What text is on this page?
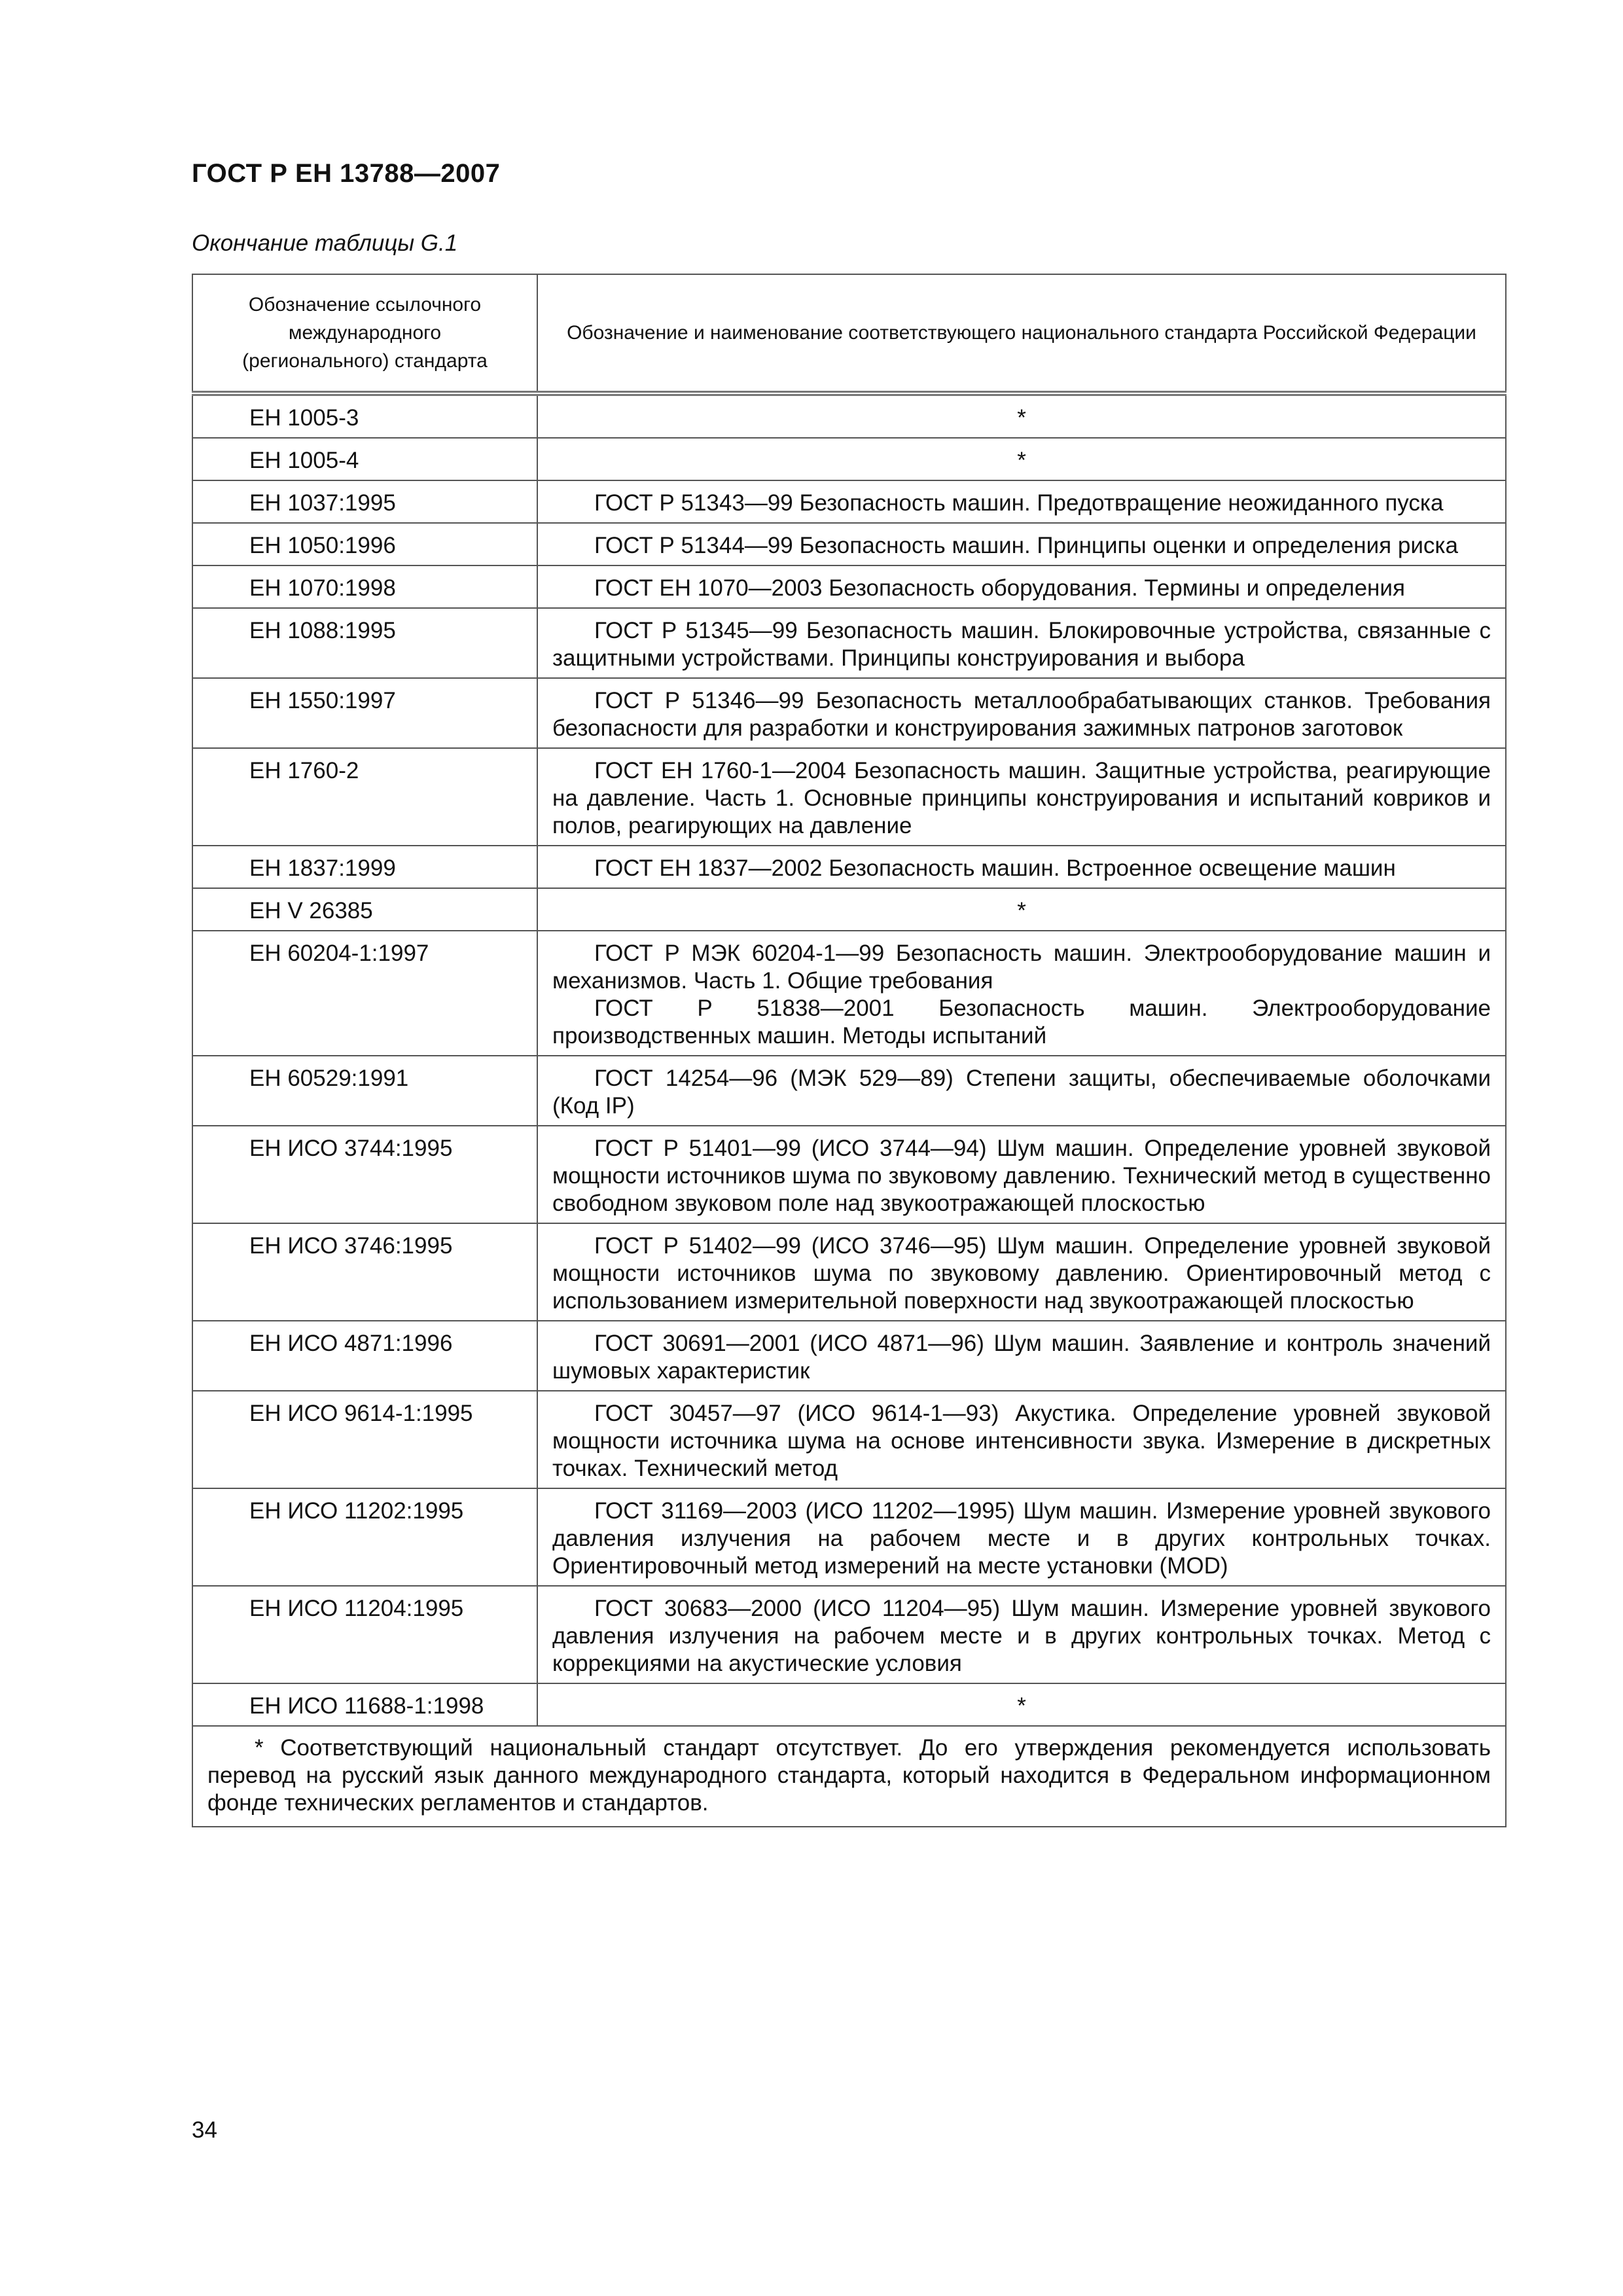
ГОСТ Р ЕН 13788—2007
Окончание таблицы G.1
Обозначение ссылочного международного (регионального) стандарта	Обозначение и наименование соответствующего национального стандарта Российской Федерации
ЕН 1005-3	*

ЕН 1005-4	*

ЕН 1037:1995	ГОСТ Р 51343—99 Безопасность машин. Предотвращение неожиданного пуска

ЕН 1050:1996	ГОСТ Р 51344—99 Безопасность машин. Принципы оценки и определения риска

ЕН 1070:1998	ГОСТ ЕН 1070—2003 Безопасность оборудования. Термины и определения

ЕН 1088:1995	ГОСТ Р 51345—99 Безопасность машин. Блокировочные устройства, связанные с защитными устройствами. Принципы конструирования и выбора

ЕН 1550:1997	ГОСТ Р 51346—99 Безопасность металлообрабатывающих станков. Требования безопасности для разработки и конструирования зажимных патронов заготовок

ЕН 1760-2	ГОСТ ЕН 1760-1—2004 Безопасность машин. Защитные устройства, реагирующие на давление. Часть 1. Основные принципы конструирования и испытаний ковриков и полов, реагирующих на давление

ЕН 1837:1999	ГОСТ ЕН 1837—2002 Безопасность машин. Встроенное освещение машин

ЕН V 26385	*

ЕН 60204-1:1997	ГОСТ Р МЭК 60204-1—99 Безопасность машин. Электрооборудование машин и механизмов. Часть 1. Общие требования
ГОСТ Р 51838—2001 Безопасность машин. Электрооборудование производственных машин. Методы испытаний

ЕН 60529:1991	ГОСТ 14254—96 (МЭК 529—89) Степени защиты, обеспечиваемые оболочками (Код IP)

ЕН ИСО 3744:1995	ГОСТ Р 51401—99 (ИСО 3744—94) Шум машин. Определение уровней звуковой мощности источников шума по звуковому давлению. Технический метод в существенно свободном звуковом поле над звукоотражающей плоскостью

ЕН ИСО 3746:1995	ГОСТ Р 51402—99 (ИСО 3746—95) Шум машин. Определение уровней звуковой мощности источников шума по звуковому давлению. Ориентировочный метод с использованием измерительной поверхности над звукоотражающей плоскостью

ЕН ИСО 4871:1996	ГОСТ 30691—2001 (ИСО 4871—96) Шум машин. Заявление и контроль значений шумовых характеристик

ЕН ИСО 9614-1:1995	ГОСТ 30457—97 (ИСО 9614-1—93) Акустика. Определение уровней звуковой мощности источника шума на основе интенсивности звука. Измерение в дискретных точках. Технический метод

ЕН ИСО 11202:1995	ГОСТ 31169—2003 (ИСО 11202—1995) Шум машин. Измерение уровней звукового давления излучения на рабочем месте и в других контрольных точках. Ориентировочный метод измерений на месте установки (MOD)

ЕН ИСО 11204:1995	ГОСТ 30683—2000 (ИСО 11204—95) Шум машин. Измерение уровней звукового давления излучения на рабочем месте и в других контрольных точках. Метод с коррекциями на акустические условия

ЕН ИСО 11688-1:1998	*

* Соответствующий национальный стандарт отсутствует. До его утверждения рекомендуется использовать перевод на русский язык данного международного стандарта, который находится в Федеральном информационном фонде технических регламентов и стандартов.	
34
